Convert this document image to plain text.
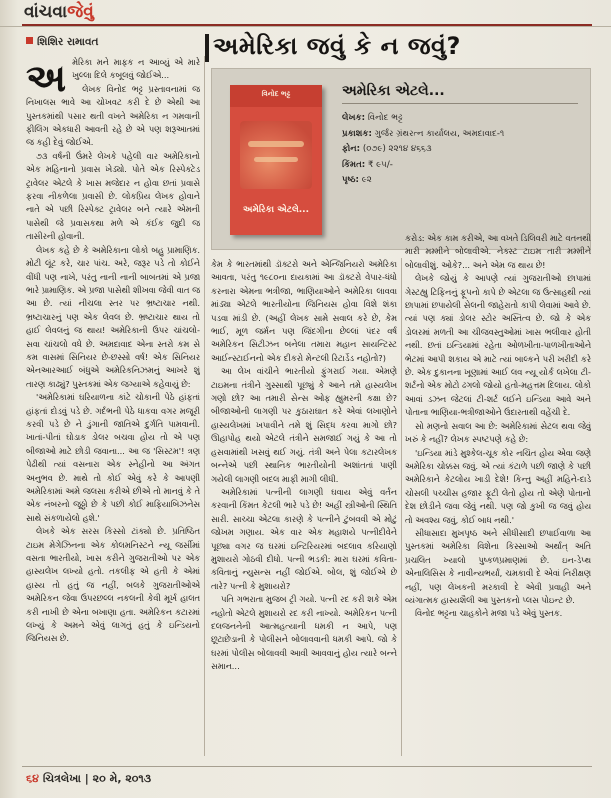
વાંચવાજેવું
શિશિર રામાવત	અમેરિકા જવું કે ન જવું?
અ મેરિકા મને માફક ન આવ્યું એ મારે ખુલ્લા દિલે કબૂલવું જોઈએ...

લેખક વિનોદ ભટ્ટ પ્રસ્તાવનામાં જ નિખાલસ ભાવે આ ચોખવટ કરી દે છે એથી આ પુસ્તકમાંથી પસાર થતી વખતે અમેરિકા ન ગમવાની ફીલિંગ એકધારી આવતી રહે છે એ પણ શરૂઆતમાં જ કહી દેવું જોઈએ.

૭૩ વર્ષની ઉંમરે લેખકે પહેલી વાર અમેરિકાનો એક મહિનાનો પ્રવાસ ખેડ્યો. પોતે એક રિસ્પેક્ટેડ ટ્રાવેલર એટલે કે ખાસ મજેદાર ન હોવા છતાં પ્રવાસે ફરવા નીકળેલા પ્રવાસી છે. લોકપ્રિય લેખક હોવાને નાતે એ પછી રિસ્પેક્ટ ટ્રાવેલર બને ત્યારે એમની પાસેથી જે પ્રવાસકથા મળે એ કંઈક જુદી જ તાસીરની હોવાની.

લેખક કહે છે કે અમેરિકાના લોકો બહુ પ્રામાણિક. મોટી લૂંટ કરે, ચાર પાંચ. અરે, જરૂર પડે તો કોઈને વીંધી પણ નાખે, પરંતુ નાની નાની બાબતમાં એ પ્રજા ભારે પ્રામાણિક. એ પ્રજા પાસેથી શીખવા જેવી વાત જ આ છે. ત્યાં નીચલા સ્તર પર ભ્રષ્ટાચાર નથી. ભ્રષ્ટાચારનું પણ એક લેવલ છે. ભ્રષ્ટાચાર થાય તો હાઈ લેવલનું જ થાય! અમેરિકાની ઉપર ચાંચલો-સવા ચાંચલો વધે છે. અમદાવાદ એના સ્તરો કમ સે કમ વાસમાં સિનિયર છે-છસ્સો વર્ષ! એક સિનિયર એનઆરઆઈ બંધુએ અમેરિકનિઝમનું આખરે શું તારણ કાઢ્યું? પુસ્તકમાં એક જગ્યાએ કહેવાયું છે:

'અમેરિકામાં ઘરિયાળના કાંટે ચોકાની પેઠે હાંફતાં હાંફતાં દોડવું પડે છે. ગર્દભની પેઠે ધાકવા વગર મજૂરી કરવી પડે છે ને ડુંગાની જાતિએ દુર્ગતિ પામવાની. ખાતાં-પીતાં ઘોડાક ડોલર બચવા હોય તો એ પણ બીજાઓ માટે છોડી જવાના... આ જ 'સિસ્ટમ'! ત્રણ પેઢીથી ત્યાં વસનારા એક સ્નેહીનો આ અંગત અનુભવ છે. માથે તો કોઈ એવું કરે કે આપણી અમેરિકામાં અમે જલસા કરીએ છીએ તો માનવું કે તે એક નંબરનો જૂઠ્ઠો છે કે પછી કોઈ માફિયાબિઝનેસ સાથે સંકળાયેલો હશે.'

લેખકે એક સરસ કિસ્સો ટાંક્યો છે. પ્રતિષ્ઠિત ટાઇમ મેગેઝિનના એક કોલમનિસ્ટને ન્યૂ જર્સીમાં વસતા ભારતીયો, ખાસ કરીને ગુજરાતીઓ પર એક હાસ્યલેખ લખ્યો હતો. તકલીફ એ હતી કે એમાં હાસ્ય તો હતું જ નહીં, બલકે ગુજરાતીઓએ અમેરિકન જેવા ઉપરછલ્લ નકલની કેવી મૂર્ખ હાલત કરી નાખી છે એના બખાણા હતા. અમેરિકન કટારમાં લખ્યું કે અમને એવું લાગતું હતું કે ઇન્ડિયનો જિનિયસ છે.

વિનોદ ભટ્ટ
અમેરિકા એટલે...
અમેરિકા એટલે...
લેખક: વિનોદ ભટ્ટ
પ્રકાશક: ગુર્જર ગ્રંથરત્ન કાર્યાલય, અમદાવાદ-૧
ફોન: (૦૭૯) ૨૨૧૪ ૪૬૬૩
કિંમત: ₹ ૯૫/-
પૃષ્ઠ: ૯૨

કેમ કે ભારતમાંથી ડૉક્ટરો અને એન્જિનિયરો અમેરિકા આવતા, પરંતુ ૧૯૮૦ના દાયકામાં આ ડૉક્ટરો વેપાર-ધંધો કરનારા એમના ભત્રીજા, ભાણિયાઓને અમેરિકા લાવવા માંડ્યા એટલે ભારતીયોના જિનિયસ હોવા વિશે શંકા પડવા માંડી છે. (અહીં લેખક સામે સવાલ કરે છે, કેમ ભાઈ, મૂળ જર્મન પણ જિંદગીના છેલ્લાં પંદર વર્ષ અમેરિકન સિટીઝન બનેલા તમારા મહાન સાયન્ટિસ્ટ આઈન્સ્ટાઈનનો એક દીકરો મેન્ટલી રિટાર્ડેડ નહોતો?)

આ લેખ વાંચીને ભારતીયો ફુંગરાઈ ગયા. એમણે ટાઇમના તંત્રીને ગુસ્સાથી પૂછ્યું કે આને તમે હાસ્યલેખ ગણો છો? આ તમારી સેન્સ ઓફ હ્યુમરની કક્ષા છે? બીજાઓની લાગણી પર કુઠારાઘાત કરે એવાં લખાણોને હાસ્યલેખમાં ખપાવીને તમે શું સિદ્ધ કરવા માગો છો? ઊહાપોહ થયો એટલે તંત્રીને સમજાઈ ગયું કે આ તો હસવામાંથી ખસવું થઈ ગયું. તંત્રી અને પેલા કટારલેખક બન્નેએ પછી સ્થાનિક ભારતીયોની અશાંતતાં પાણી ગયેલી લાગણી બદલ માફી માગી લીધી.

અમેરિકામાં પત્નીની લાગણી ઘવાય એવું વર્તન કરવાની કિંમત કેટલી ભારે પડે છે! અહીં સ્ત્રીઓની સ્થિતિ સારી. સાચ્ચા એટલા કારણે કે પત્નીને ટુંબવવી એ મોટું જોખમ ગણાય. એક વાર એક મહાશયે પત્નીદીવેને પૂછ્યા વગર જ ઘરમાં ઇન્ટિરિયરમાં બદલાવ કરિયાણો મુશાયરો ગોઠવી દીધો. પત્ની ભડકી: મારા ઘરમાં કવિતા-કવિતાનું ન્યુસન્સ નહીં જોઈએ. બોલ, શું જોઈએ છે તારે? પત્ની કે મુશાયરો?

પતિ ગભરાતા મુજબ ટ્રી ગયો. પત્ની રદ કરી શકે એમ નહોતો એટલે મુશાયરો રદ કરી નાખ્યો. અમેરિકન પત્ની દલજનનેની આત્મહત્યાની ધમકી ન આપે, પણ છૂટાછેડાની કે પોલીસને બોલાવવાની ધમકી આપે. જો કે ઘરમાં પોલીસ બોલાવવી આવી આવવાનું હોય ત્યારે બન્ને સમાન...

કરોડ: એક કામ કરીએ, આ વખતે ડિલિવરી માટે વતનથી મારી મમ્મીને બોલાવીએ. નેક્સ્ટ ટાઇમ તારી મમ્મીને બોલાવીશું. ઓકે?... અને એમ જ થાય છે!

લેખકે જોયું કે આપણે ત્યાં ગુજરાતીઓ છાપામાં ગેસ્ટહ્યુ ટિફિનનું ફૂપનો કાપે છે એટલા જ ઉત્સાહથી ત્યાં છાપામાં છપાયેલી સેલની જાહેરાતો કાપી લેવામાં આવે છે. ત્યાં પણ ક્યાં ડોલર સ્ટોર અસ્તિત્વ છે. જો કે એક ડોલરમાં મળતી આ ચીજવસ્તુઓમાં ખાસ ભલીવાર હોતી નથી. છતાં ઇન્ડિયામાં રહેતા ઓળખીતા-પાળખીતાઓને ભેટમાં આપી શકાય એ માટે ત્યાં બાલ્કને પરી ખરીદી કરે છે. એક દુકાનના ખૂણામાં આઈ લવ ન્યૂ યોર્ક લખેલા ટી-શર્ટનો એક મોટો ઢગલો જોયો હતો-મહત્તમ દિલાય. લોકો આવાં ડઝન જેટલાં ટી-શર્ટ લઈને ઇન્ડિયા આવે અને પોતાના ભાણિયા-ભત્રીજાઓને ઉદારતાથી વહેંચી દે.

સો મણનો સવાલ આ છે: અમેરિકામાં સેટલ થવા જેવું ખરું કે નહીં? લેખક સ્પષ્ટપણે કહે છે:

'ઇન્ડિયા માંડે મુશ્કેલ-ચૂક કોર નચિંત હોય એવા જણે અમેરિકા ચોક્કસ જવું. એ ત્યાં કંટાળે પછી જાણે કે પછી અમેરિકાને કેટલોય ખાડી દેશે! કિન્તુ અહીં મહિને-દાડે ચોસલી પચ્ચીસ હજાર ફૂટી લેતો હોય તો એણે પોતાનો દેશ છોડીને જવા જેવું નથી. પણ જો કુખી જ જવું હોય તો અવશ્ય જવું, કોઈ બાધ નથી.'

સીધાસાદા મુખપૃષ્ઠ અને સીધીસાદી છપાઈવાળા આ પુસ્તકમાં અમેરિકા વિશેના કિસ્સાઓ અર્થાત્ અતિ પ્રચલિત ખ્યાલો પુષ્કળપ્રમાણમાં છે. ઇન-ડેપ્થ એનાલિસિસ કે નાવીન્યભર્યાં, ચમકાવી દે એવાં નિરીક્ષણ નહીં, પણ લેખકની મરકાવી દે એવી પ્રવાહી અને વ્યંગાત્મક હાસ્યશૈલી આ પુસ્તકનો પ્લસ પોઇન્ટ છે.

વિનોદ ભટ્ટના ચાહકોને મજા પડે એવું પુસ્તક.

૬૪ ચિત્રલેખા | ૨૦ મે, ૨૦૧૩
